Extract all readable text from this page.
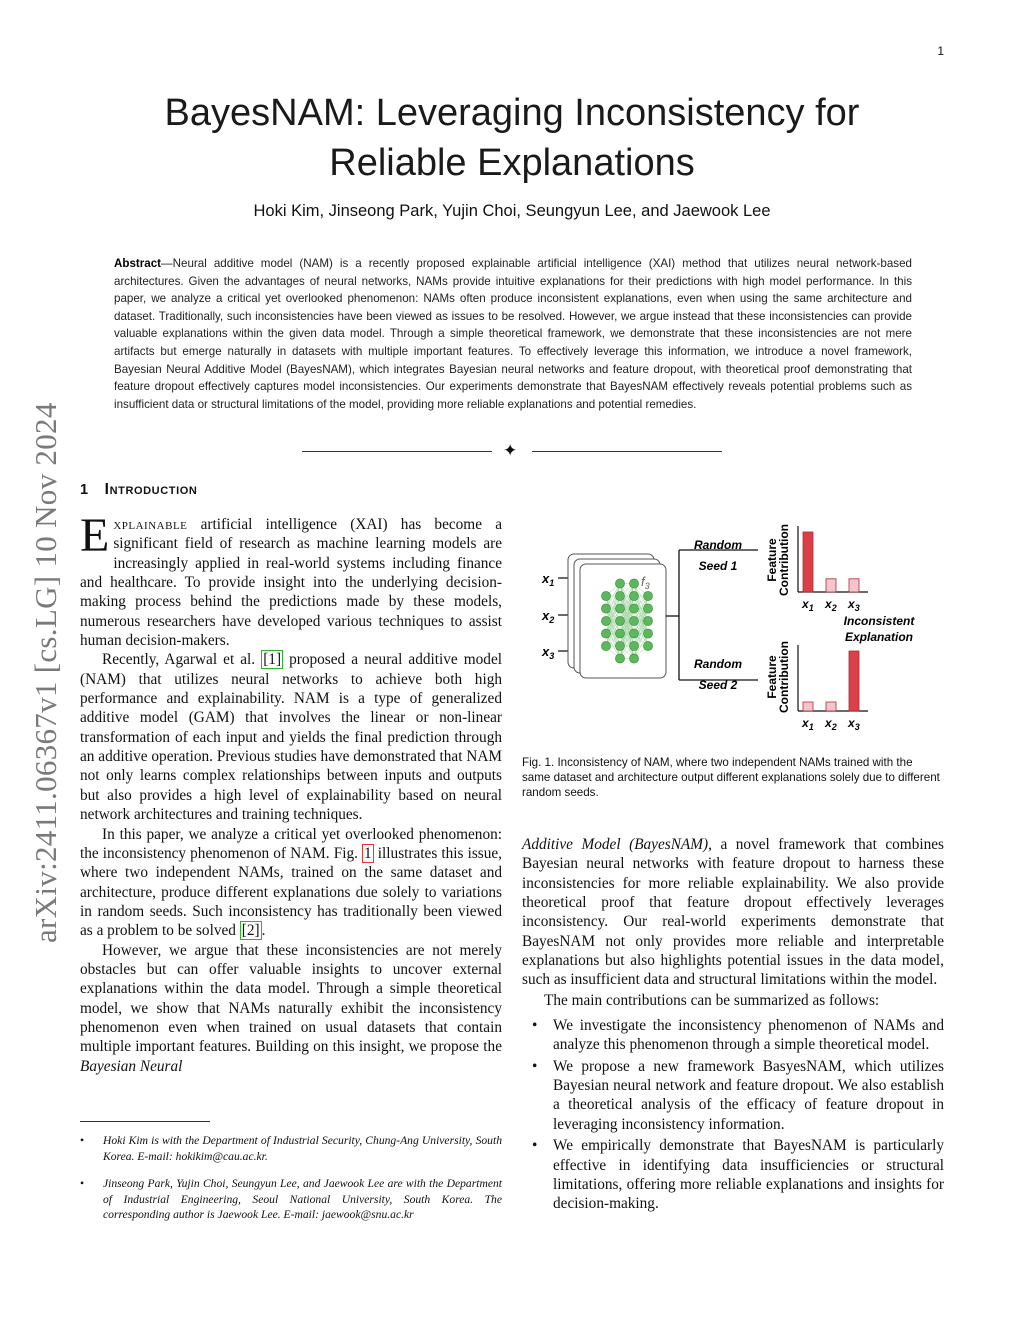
1
BayesNAM: Leveraging Inconsistency for
Reliable Explanations
Hoki Kim, Jinseong Park, Yujin Choi, Seungyun Lee, and Jaewook Lee
Abstract—Neural additive model (NAM) is a recently proposed explainable artificial intelligence (XAI) method that utilizes neural network-based architectures. Given the advantages of neural networks, NAMs provide intuitive explanations for their predictions with high model performance. In this paper, we analyze a critical yet overlooked phenomenon: NAMs often produce inconsistent explanations, even when using the same architecture and dataset. Traditionally, such inconsistencies have been viewed as issues to be resolved. However, we argue instead that these inconsistencies can provide valuable explanations within the given data model. Through a simple theoretical framework, we demonstrate that these inconsistencies are not mere artifacts but emerge naturally in datasets with multiple important features. To effectively leverage this information, we introduce a novel framework, Bayesian Neural Additive Model (BayesNAM), which integrates Bayesian neural networks and feature dropout, with theoretical proof demonstrating that feature dropout effectively captures model inconsistencies. Our experiments demonstrate that BayesNAM effectively reveals potential problems such as insufficient data or structural limitations of the model, providing more reliable explanations and potential remedies.
✦
arXiv:2411.06367v1 [cs.LG] 10 Nov 2024 1 Introduction

Explainable artificial intelligence (XAI) has become a significant field of research as machine learning models are increasingly applied in real-world systems including finance and healthcare. To provide insight into the underlying decision-making process behind the predictions made by these models, numerous researchers have developed various techniques to assist human decision-makers.

Recently, Agarwal et al. [1] proposed a neural additive model (NAM) that utilizes neural networks to achieve both high performance and explainability. NAM is a type of generalized additive model (GAM) that involves the linear or non-linear transformation of each input and yields the final prediction through an additive operation. Previous studies have demonstrated that NAM not only learns complex relationships between inputs and outputs but also provides a high level of explainability based on neural network architectures and training techniques.

In this paper, we analyze a critical yet overlooked phenomenon: the inconsistency phenomenon of NAM. Fig. 1 illustrates this issue, where two independent NAMs, trained on the same dataset and architecture, produce different explanations due solely to variations in random seeds. Such inconsistency has traditionally been viewed as a problem to be solved [2] .

However, we argue that these inconsistencies are not merely obstacles but can offer valuable insights to uncover external explanations within the data model. Through a simple theoretical model, we show that NAMs naturally exhibit the inconsistency phenomenon even when trained on usual datasets that contain multiple important features. Building on this insight, we propose the Bayesian Neural

• Hoki Kim is with the Department of Industrial Security, Chung-Ang University, South Korea. E-mail: hokikim@cau.ac.kr.
• Jinseong Park, Yujin Choi, Seungyun Lee, and Jaewook Lee are with the Department of Industrial Engineering, Seoul National University, South Korea. The corresponding author is Jaewook Lee. E-mail: jaewook@snu.ac.kr
$x_1$
$x_2$
$x_3$
$f_3$
Random
Seed 1
Random
Seed 2
Feature
Contribution
Feature
Contribution
Inconsistent
Explanation
$x_1$ $x_2$ $x_3$
$x_1$ $x_2$ $x_3$
Fig. 1. Inconsistency of NAM, where two independent NAMs trained with the same dataset and architecture output different explanations solely due to different random seeds.

Additive Model (BayesNAM), a novel framework that combines Bayesian neural networks with feature dropout to harness these inconsistencies for more reliable explainability. We also provide theoretical proof that feature dropout effectively leverages inconsistency. Our real-world experiments demonstrate that BayesNAM not only provides more reliable and interpretable explanations but also highlights potential issues in the data model, such as insufficient data and structural limitations within the model.

The main contributions can be summarized as follows:

• We investigate the inconsistency phenomenon of NAMs and analyze this phenomenon through a simple theoretical model.
• We propose a new framework BasyesNAM, which utilizes Bayesian neural network and feature dropout. We also establish a theoretical analysis of the efficacy of feature dropout in leveraging inconsistency information.
• We empirically demonstrate that BayesNAM is particularly effective in identifying data insufficiencies or structural limitations, offering more reliable explanations and insights for decision-making.
